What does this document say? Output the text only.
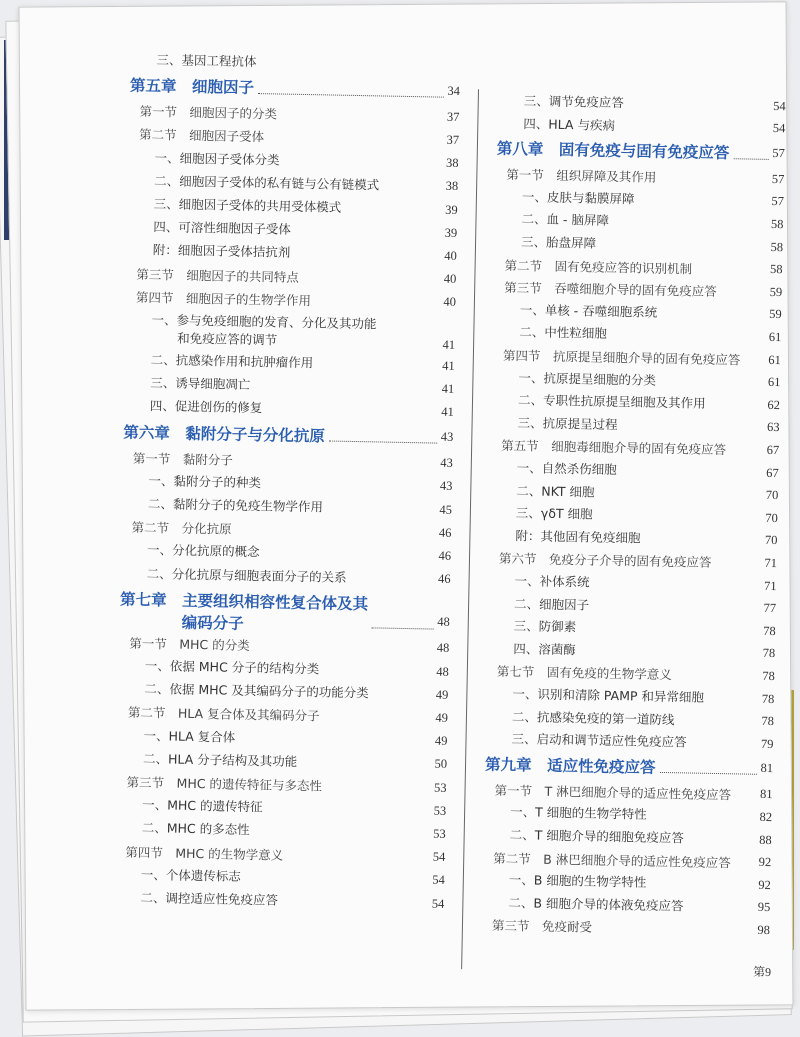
三、基因工程抗体
第五章　细胞因子	34
第一节　细胞因子的分类	37
第二节　细胞因子受体	37
一、细胞因子受体分类	38
二、细胞因子受体的私有链与公有链模式	38
三、细胞因子受体的共用受体模式	39
四、可溶性细胞因子受体	39
附：细胞因子受体拮抗剂	40
第三节　细胞因子的共同特点	40
第四节　细胞因子的生物学作用	40
一、参与免疫细胞的发育、分化及其功能
和免疫应答的调节	41
二、抗感染作用和抗肿瘤作用	41
三、诱导细胞凋亡	41
四、促进创伤的修复	41
第六章　黏附分子与分化抗原	43
第一节　黏附分子	43
一、黏附分子的种类	43
二、黏附分子的免疫生物学作用	45
第二节　分化抗原	46
一、分化抗原的概念	46
二、分化抗原与细胞表面分子的关系	46
第七章　主要组织相容性复合体及其
编码分子	48
第一节　MHC 的分类	48
一、依据 MHC 分子的结构分类	48
二、依据 MHC 及其编码分子的功能分类	49
第二节　HLA 复合体及其编码分子	49
一、HLA 复合体	49
二、HLA 分子结构及其功能	50
第三节　MHC 的遗传特征与多态性	53
一、MHC 的遗传特征	53
二、MHC 的多态性	53
第四节　MHC 的生物学意义	54
一、个体遗传标志	54
二、调控适应性免疫应答	54
三、调节免疫应答	54
四、HLA 与疾病	54
第八章　固有免疫与固有免疫应答	57
第一节　组织屏障及其作用	57
一、皮肤与黏膜屏障	57
二、血 - 脑屏障	58
三、胎盘屏障	58
第二节　固有免疫应答的识别机制	58
第三节　吞噬细胞介导的固有免疫应答	59
一、单核 - 吞噬细胞系统	59
二、中性粒细胞	61
第四节　抗原提呈细胞介导的固有免疫应答 61
一、抗原提呈细胞的分类	61
二、专职性抗原提呈细胞及其作用	62
三、抗原提呈过程	63
第五节　细胞毒细胞介导的固有免疫应答	67
一、自然杀伤细胞	67
二、NKT 细胞	70
三、γδT 细胞	70
附：其他固有免疫细胞	70
第六节　免疫分子介导的固有免疫应答	71
一、补体系统	71
二、细胞因子	77
三、防御素	78
四、溶菌酶	78
第七节　固有免疫的生物学意义	78
一、识别和清除 PAMP 和异常细胞	78
二、抗感染免疫的第一道防线	78
三、启动和调节适应性免疫应答	79
第九章　适应性免疫应答	81
第一节　T 淋巴细胞介导的适应性免疫应答 81
一、T 细胞的生物学特性	82
二、T 细胞介导的细胞免疫应答	88
第二节　B 淋巴细胞介导的适应性免疫应答 92
一、B 细胞的生物学特性	92
二、B 细胞介导的体液免疫应答	95
第三节　免疫耐受	98
第9
